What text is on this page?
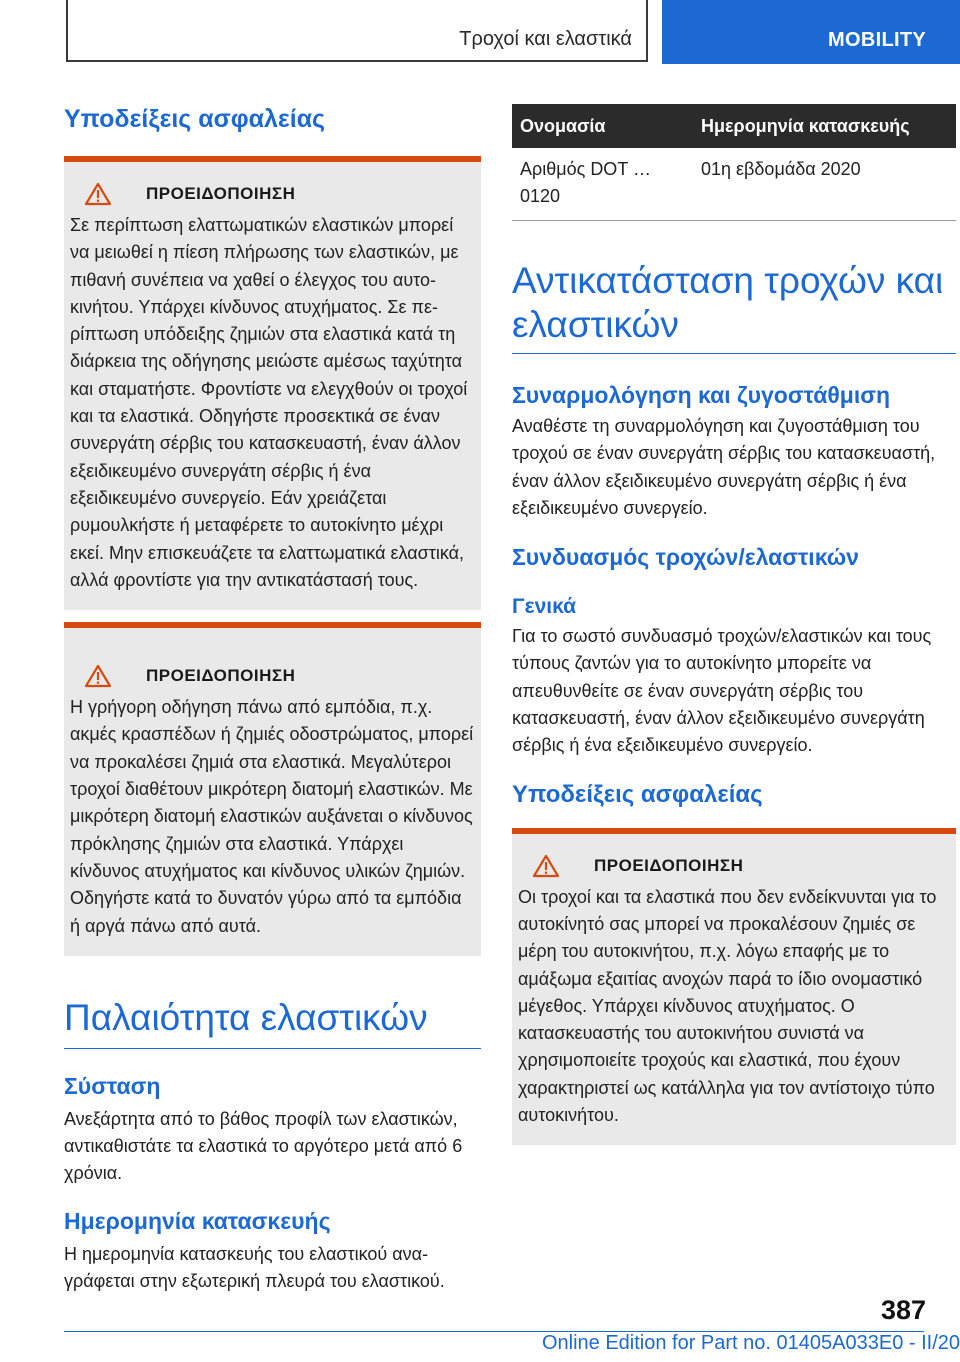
Τροχοί και ελαστικά	MOBILITY
Υποδείξεις ασφαλείας
ΠΡΟΕΙΔΟΠΟΙΗΣΗ

Σε περίπτωση ελαττωματικών ελαστικών μπορεί να μειωθεί η πίεση πλήρωσης των ελαστικών, με πιθανή συνέπεια να χαθεί ο έλεγχος του αυτοκινήτου. Υπάρχει κίνδυνος ατυχήματος. Σε περίπτωση υπόδειξης ζημιών στα ελαστικά κατά τη διάρκεια της οδήγησης μειώστε αμέσως ταχύτητα και σταματήστε. Φροντίστε να ελεγχθούν οι τροχοί και τα ελαστικά. Οδηγήστε προσεκτικά σε έναν συνεργάτη σέρβις του κατασκευαστή, έναν άλλον εξειδικευμένο συνεργάτη σέρβις ή ένα εξειδικευμένο συνεργείο. Εάν χρειάζεται ρυμουλκήστε ή μεταφέρετε το αυτοκίνητο μέχρι εκεί. Μην επισκευάζετε τα ελαττωματικά ελαστικά, αλλά φροντίστε για την αντικατάστασή τους.

ΠΡΟΕΙΔΟΠΟΙΗΣΗ

Η γρήγορη οδήγηση πάνω από εμπόδια, π.χ. ακμές κρασπέδων ή ζημιές οδοστρώματος, μπορεί να προκαλέσει ζημιά στα ελαστικά. Μεγαλύτεροι τροχοί διαθέτουν μικρότερη διατομή ελαστικών. Με μικρότερη διατομή ελαστικών αυξάνεται ο κίνδυνος πρόκλησης ζημιών στα ελαστικά. Υπάρχει κίνδυνος ατυχήματος και κίνδυνος υλικών ζημιών. Οδηγήστε κατά το δυνατόν γύρω από τα εμπόδια ή αργά πάνω από αυτά.

Παλαιότητα ελαστικών
Σύσταση

Ανεξάρτητα από το βάθος προφίλ των ελαστικών, αντικαθιστάτε τα ελαστικά το αργότερο μετά από 6 χρόνια.

Ημερομηνία κατασκευής

Η ημερομηνία κατασκευής του ελαστικού αναγράφεται στην εξωτερική πλευρά του ελαστικού.

Ονομασία	Ημερομηνία κατασκευής
Αριθμός DOT … 0120	01η εβδομάδα 2020
Αντικατάσταση τροχών και ελαστικών
Συναρμολόγηση και ζυγοστάθμιση

Αναθέστε τη συναρμολόγηση και ζυγοστάθμιση του τροχού σε έναν συνεργάτη σέρβις του κατασκευαστή, έναν άλλον εξειδικευμένο συνεργάτη σέρβις ή ένα εξειδικευμένο συνεργείο.

Συνδυασμός τροχών/ελαστικών
Γενικά

Για το σωστό συνδυασμό τροχών/ελαστικών και τους τύπους ζαντών για το αυτοκίνητο μπορείτε να απευθυνθείτε σε έναν συνεργάτη σέρβις του κατασκευαστή, έναν άλλον εξειδικευμένο συνεργάτη σέρβις ή ένα εξειδικευμένο συνεργείο.

Υποδείξεις ασφαλείας
ΠΡΟΕΙΔΟΠΟΙΗΣΗ

Οι τροχοί και τα ελαστικά που δεν ενδείκνυνται για το αυτοκίνητό σας μπορεί να προκαλέσουν ζημιές σε μέρη του αυτοκινήτου, π.χ. λόγω επαφής με το αμάξωμα εξαιτίας ανοχών παρά το ίδιο ονομαστικό μέγεθος. Υπάρχει κίνδυνος ατυχήματος. Ο κατασκευαστής του αυτοκινήτου συνιστά να χρησιμοποιείτε τροχούς και ελαστικά, που έχουν χαρακτηριστεί ως κατάλληλα για τον αντίστοιχο τύπο αυτοκινήτου.

387
Online Edition for Part no. 01405A033E0 - II/20
